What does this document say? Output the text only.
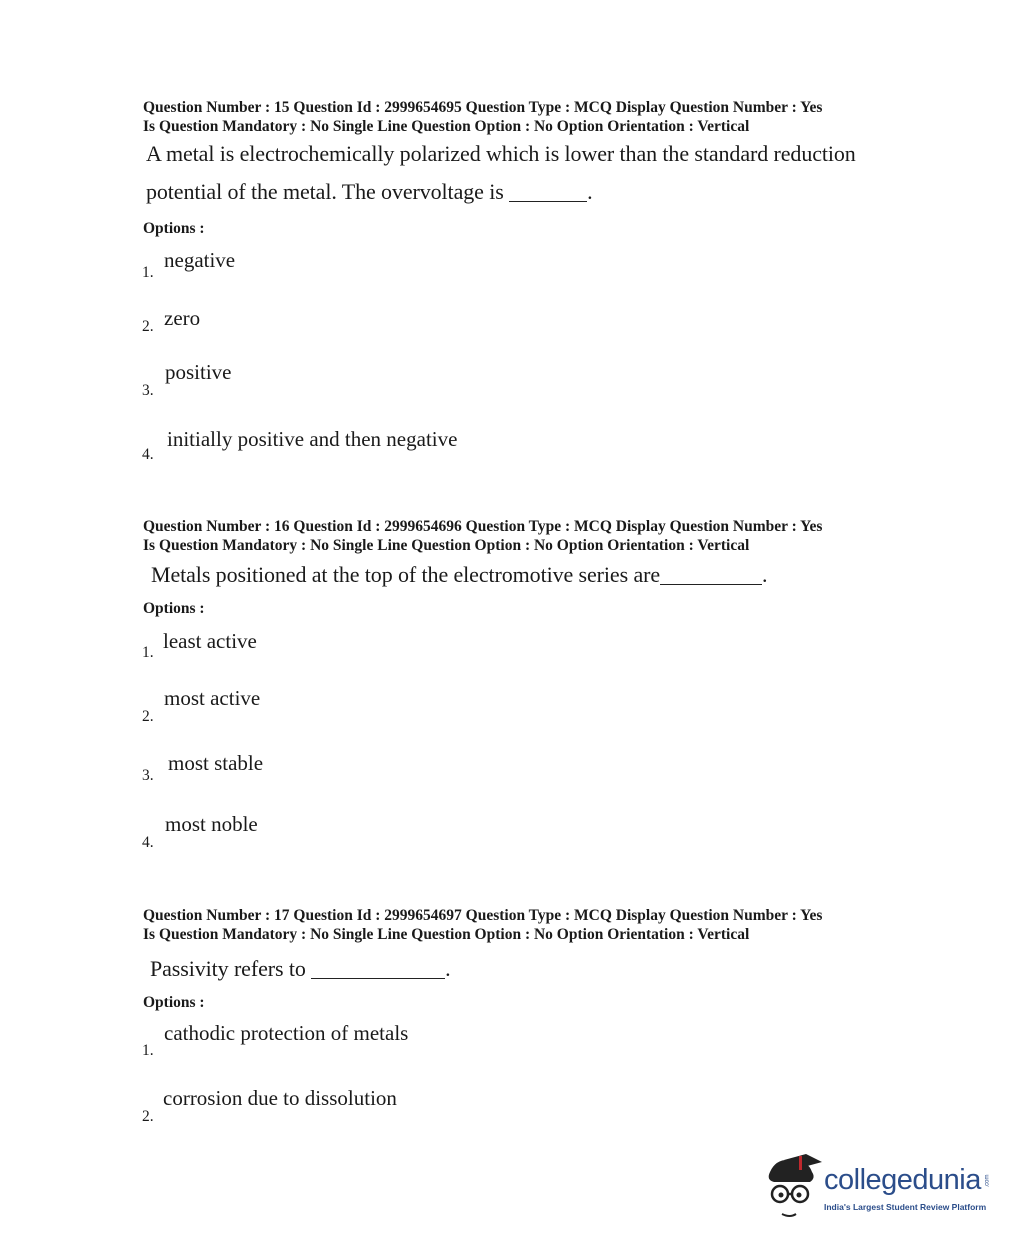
Question Number : 15 Question Id : 2999654695 Question Type : MCQ Display Question Number : Yes
Is Question Mandatory : No Single Line Question Option : No Option Orientation : Vertical
A metal is electrochemically polarized which is lower than the standard reduction
potential of the metal. The overvoltage is	.
Options :
negative
1.
zero
2.
positive
3.
initially positive and then negative
4.
Question Number : 16 Question Id : 2999654696 Question Type : MCQ Display Question Number : Yes
Is Question Mandatory : No Single Line Question Option : No Option Orientation : Vertical
Metals positioned at the top of the electromotive series are	.
Options :
least active
1.
most active
2.
most stable
3.
most noble
4.
Question Number : 17 Question Id : 2999654697 Question Type : MCQ Display Question Number : Yes
Is Question Mandatory : No Single Line Question Option : No Option Orientation : Vertical
Passivity refers to	.
Options :
cathodic protection of metals
1.
corrosion due to dissolution
2.
collegedunia .com
India's Largest Student Review Platform
